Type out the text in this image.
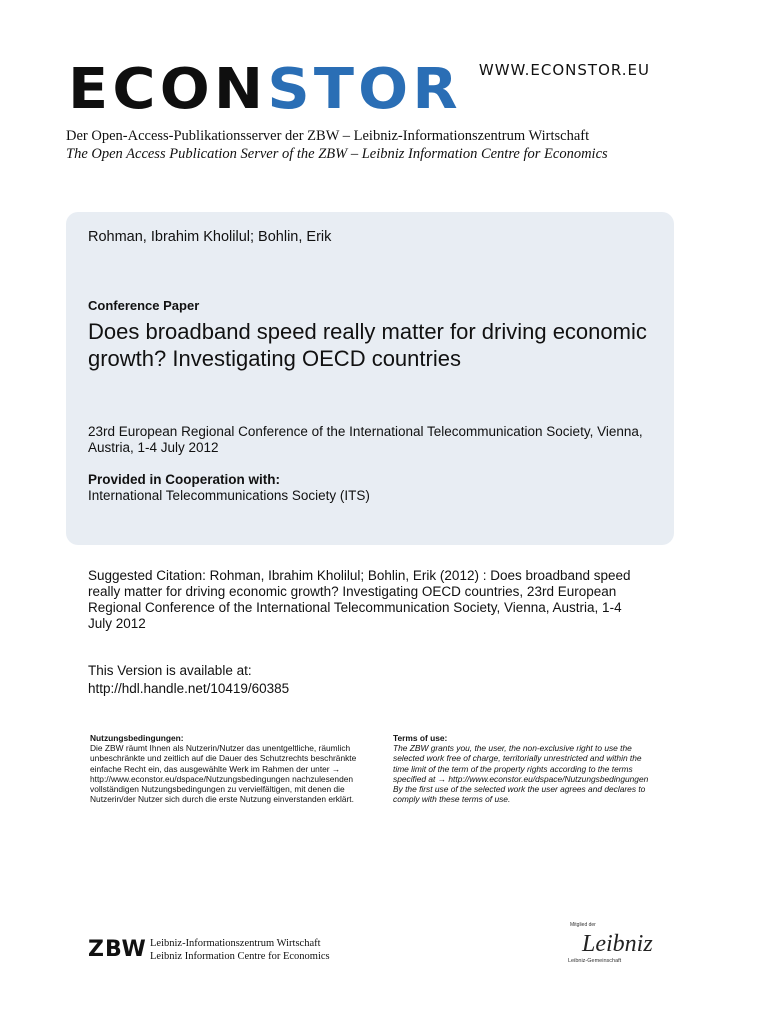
ECONSTOR WWW.ECONSTOR.EU
Der Open-Access-Publikationsserver der ZBW – Leibniz-Informationszentrum Wirtschaft
The Open Access Publication Server of the ZBW – Leibniz Information Centre for Economics
Rohman, Ibrahim Kholilul; Bohlin, Erik
Conference Paper
Does broadband speed really matter for driving economic growth? Investigating OECD countries
23rd European Regional Conference of the International Telecommunication Society, Vienna, Austria, 1-4 July 2012
Provided in Cooperation with:
International Telecommunications Society (ITS)
Suggested Citation: Rohman, Ibrahim Kholilul; Bohlin, Erik (2012) : Does broadband speed really matter for driving economic growth? Investigating OECD countries, 23rd European Regional Conference of the International Telecommunication Society, Vienna, Austria, 1-4 July 2012
This Version is available at:
http://hdl.handle.net/10419/60385
Nutzungsbedingungen:
Die ZBW räumt Ihnen als Nutzerin/Nutzer das unentgeltliche, räumlich unbeschränkte und zeitlich auf die Dauer des Schutzrechts beschränkte einfache Recht ein, das ausgewählte Werk im Rahmen der unter → http://www.econstor.eu/dspace/Nutzungsbedingungen nachzulesenden vollständigen Nutzungsbedingungen zu vervielfältigen, mit denen die Nutzerin/der Nutzer sich durch die erste Nutzung einverstanden erklärt.
Terms of use:
The ZBW grants you, the user, the non-exclusive right to use the selected work free of charge, territorially unrestricted and within the time limit of the term of the property rights according to the terms specified at → http://www.econstor.eu/dspace/Nutzungsbedingungen By the first use of the selected work the user agrees and declares to comply with these terms of use.
ZBW Leibniz-Informationszentrum Wirtschaft
Leibniz Information Centre for Economics
Mitglied der
Leibniz
Leibniz-Gemeinschaft
